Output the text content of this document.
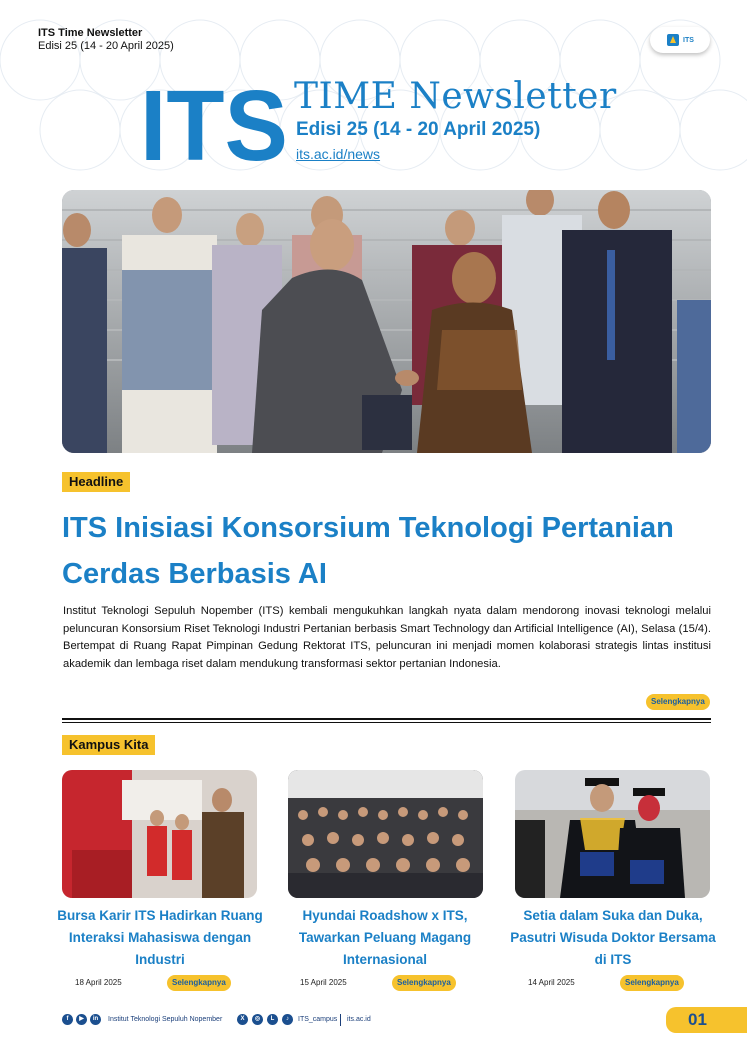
ITS Time Newsletter
Edisi 25 (14 - 20 April 2025)	ITS
ITS TIME Newsletter
Edisi 25 (14 - 20 April 2025)
its.ac.id/news
Headline
ITS Inisiasi Konsorsium Teknologi Pertanian Cerdas Berbasis AI
Institut Teknologi Sepuluh Nopember (ITS) kembali mengukuhkan langkah nyata dalam mendorong inovasi teknologi melalui peluncuran Konsorsium Riset Teknologi Industri Pertanian berbasis Smart Technology dan Artificial Intelligence (AI), Selasa (15/4). Bertempat di Ruang Rapat Pimpinan Gedung Rektorat ITS, peluncuran ini menjadi momen kolaborasi strategis lintas institusi akademik dan lembaga riset dalam mendukung transformasi sektor pertanian Indonesia.
Selengkapnya
Kampus Kita
Bursa Karir ITS Hadirkan Ruang Interaksi Mahasiswa dengan Industri
Hyundai Roadshow x ITS, Tawarkan Peluang Magang Internasional
Setia dalam Suka dan Duka, Pasutri Wisuda Doktor Bersama di ITS
18 April 2025	Selengkapnya	15 April 2025	Selengkapnya	14 April 2025	Selengkapnya
f	▶	in	Institut Teknologi Sepuluh Nopember	X	◎	L	♪	ITS_campus its.ac.id	01
